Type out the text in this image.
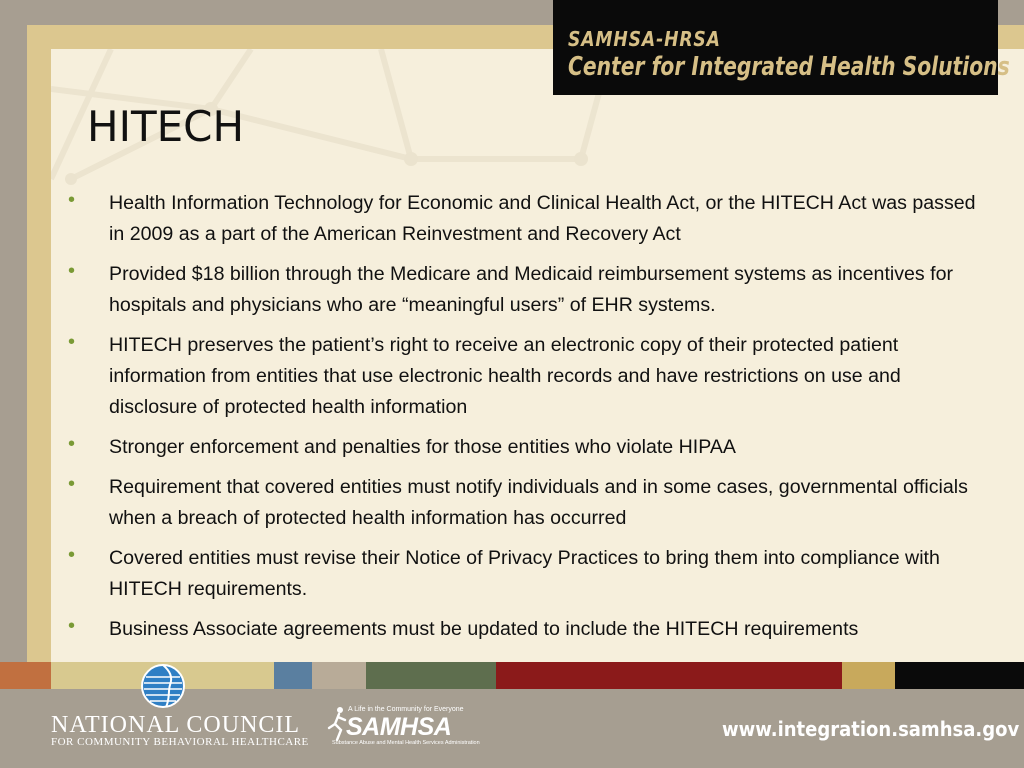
SAMHSA-HRSA
Center for Integrated Health Solutions
HITECH
• Health Information Technology for Economic and Clinical Health Act, or the HITECH Act was passed in 2009 as a part of the American Reinvestment and Recovery Act
• Provided $18 billion through the Medicare and Medicaid reimbursement systems as incentives for hospitals and physicians who are “meaningful users” of EHR systems.
• HITECH preserves the patient’s right to receive an electronic copy of their protected patient information from entities that use electronic health records and have restrictions on use and disclosure of protected health information
• Stronger enforcement and penalties for those entities who violate HIPAA
• Requirement that covered entities must notify individuals and in some cases, governmental officials when a breach of protected health information has occurred
• Covered entities must revise their Notice of Privacy Practices to bring them into compliance with HITECH requirements.
• Business Associate agreements must be updated to include the HITECH requirements
NATIONAL COUNCIL
FOR COMMUNITY BEHAVIORAL HEALTHCARE
A Life in the Community for Everyone
SAMHSA
Substance Abuse and Mental Health Services Administration
www.integration.samhsa.gov
